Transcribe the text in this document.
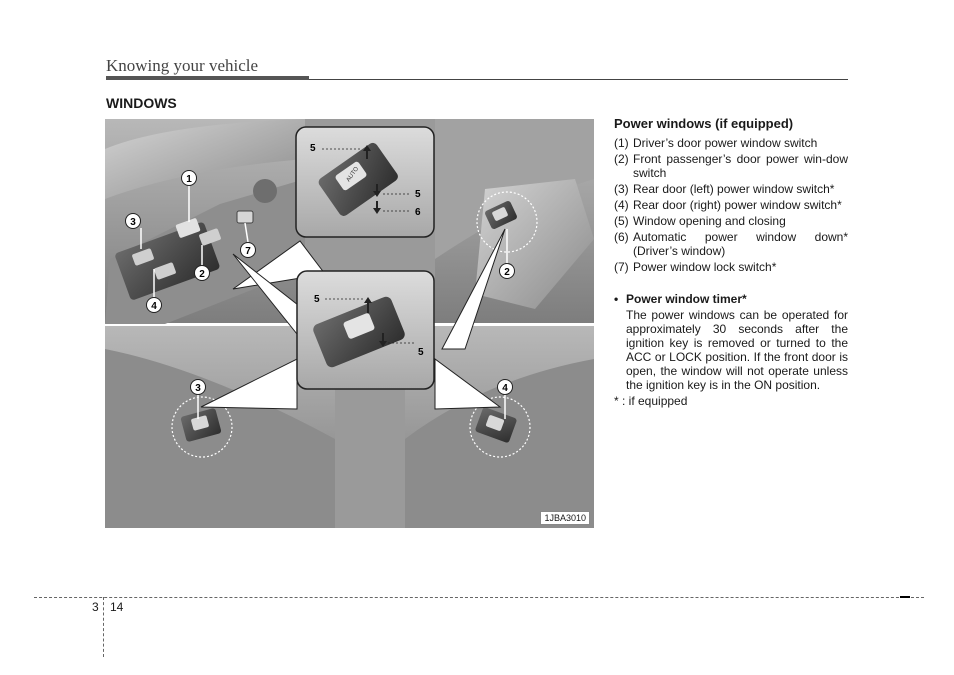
Knowing your vehicle
WINDOWS
AUTO
5
5
6
5
5
1
3
2
4
7
2
3	4
1JBA3010
Power windows (if equipped)
(1) Driver’s door power window switch
(2) Front passenger’s door power win-dow switch
(3) Rear door (left) power window switch*
(4) Rear door (right) power window switch*
(5) Window opening and closing
(6) Automatic power window down* (Driver’s window)
(7) Power window lock switch*
• Power window timer*
The power windows can be operated for approximately 30 seconds after the ignition key is removed or turned to the ACC or LOCK position. If the front door is open, the window will not operate unless the ignition key is in the ON position.
* : if equipped
3 14
